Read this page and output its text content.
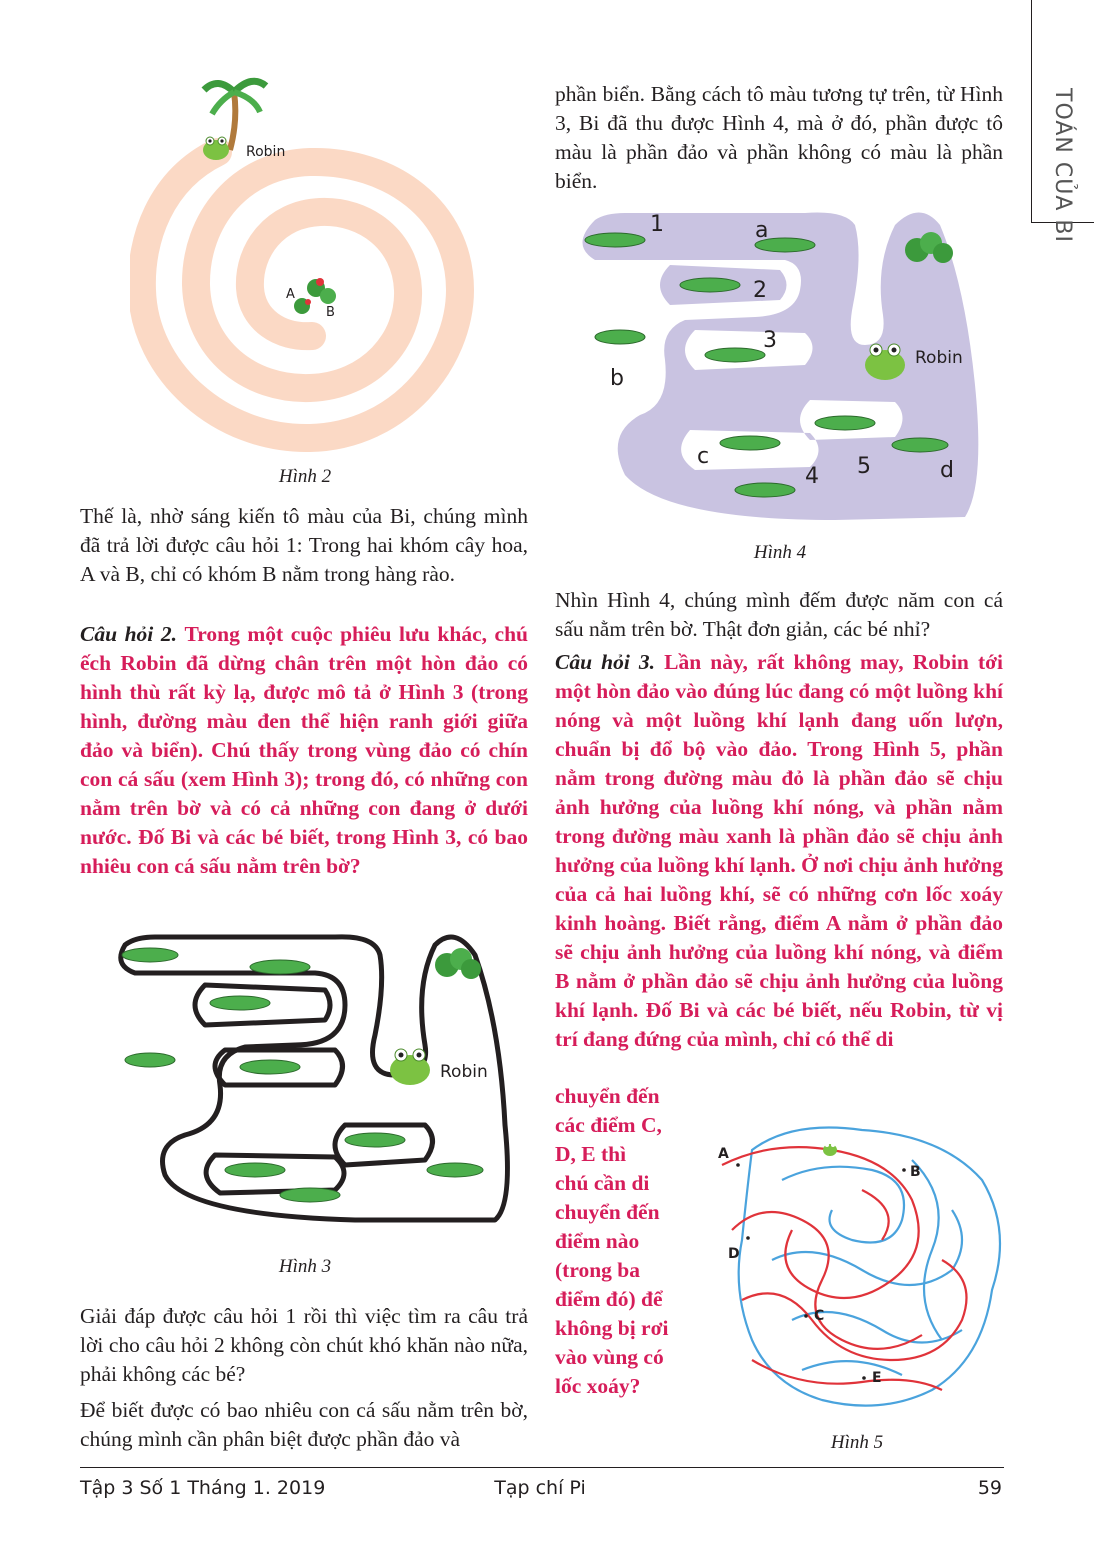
TOÁN CỦA BI
Robin
A
B
Hình 2
Thế là, nhờ sáng kiến tô màu của Bi, chúng mình đã trả lời được câu hỏi 1: Trong hai khóm cây hoa, A và B, chỉ có khóm B nằm trong hàng rào.
Câu hỏi 2. Trong một cuộc phiêu lưu khác, chú ếch Robin đã dừng chân trên một hòn đảo có hình thù rất kỳ lạ, được mô tả ở Hình 3 (trong hình, đường màu đen thể hiện ranh giới giữa đảo và biển). Chú thấy trong vùng đảo có chín con cá sấu (xem Hình 3); trong đó, có những con nằm trên bờ và có cả những con đang ở dưới nước. Đố Bi và các bé biết, trong Hình 3, có bao nhiêu con cá sấu nằm trên bờ?
Robin
Hình 3
Giải đáp được câu hỏi 1 rồi thì việc tìm ra câu trả lời cho câu hỏi 2 không còn chút khó khăn nào nữa, phải không các bé?
Để biết được có bao nhiêu con cá sấu nằm trên bờ, chúng mình cần phân biệt được phần đảo và
phần biển. Bằng cách tô màu tương tự trên, từ Hình 3, Bi đã thu được Hình 4, mà ở đó, phần được tô màu là phần đảo và phần không có màu là phần biển.
Robin
1
2
3
4 5
a
b
c
d
Hình 4
Nhìn Hình 4, chúng mình đếm được năm con cá sấu nằm trên bờ. Thật đơn giản, các bé nhỉ?
Câu hỏi 3. Lần này, rất không may, Robin tới một hòn đảo vào đúng lúc đang có một luồng khí nóng và một luồng khí lạnh đang uốn lượn, chuẩn bị đổ bộ vào đảo. Trong Hình 5, phần nằm trong đường màu đỏ là phần đảo sẽ chịu ảnh hưởng của luồng khí nóng, và phần nằm trong đường màu xanh là phần đảo sẽ chịu ảnh hưởng của luồng khí lạnh. Ở nơi chịu ảnh hưởng của cả hai luồng khí, sẽ có những cơn lốc xoáy kinh hoàng. Biết rằng, điểm A nằm ở phần đảo sẽ chịu ảnh hưởng của luồng khí nóng, và điểm B nằm ở phần đảo sẽ chịu ảnh hưởng của luồng khí lạnh. Đố Bi và các bé biết, nếu Robin, từ vị trí đang đứng của mình, chỉ có thể di
chuyển đến
các điểm C,
D, E thì
chú cần di
chuyển đến
điểm nào
(trong ba
điểm đó) để
không bị rơi
vào vùng có
lốc xoáy?
A
B
C
D
E
Hình 5
Tập 3 Số 1 Tháng 1. 2019	Tạp chí Pi	59
